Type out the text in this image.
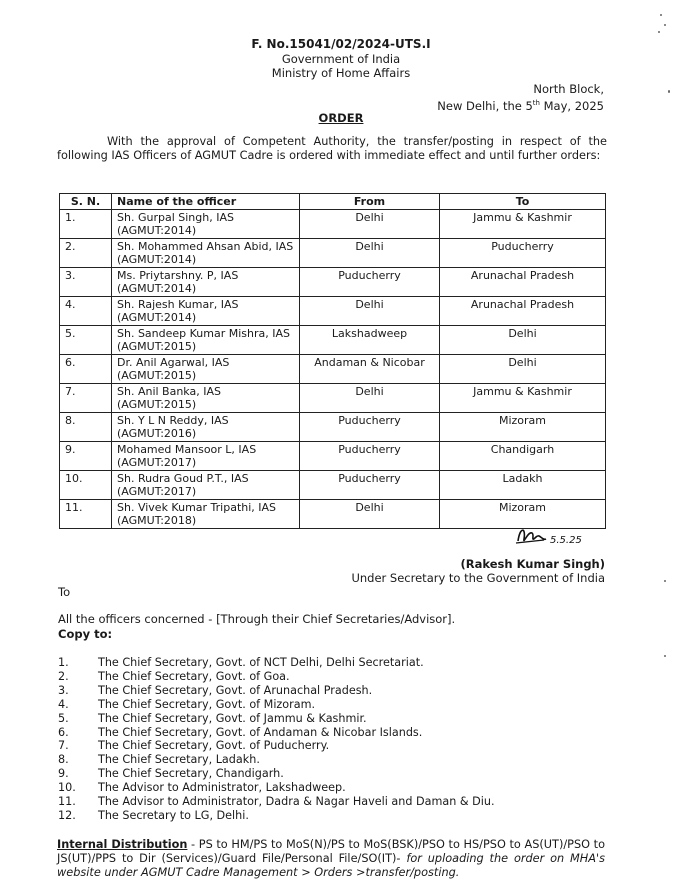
F. No.15041/02/2024-UTS.I
Government of India
Ministry of Home Affairs
North Block,
New Delhi, the 5th May, 2025
ORDER
With the approval of Competent Authority, the transfer/posting in respect of the following IAS Officers of AGMUT Cadre is ordered with immediate effect and until further orders:
S. N.	Name of the officer	From	To
1.	Sh. Gurpal Singh, IAS (AGMUT:2014)	Delhi	Jammu & Kashmir
2.	Sh. Mohammed Ahsan Abid, IAS (AGMUT:2014)	Delhi	Puducherry
3.	Ms. Priytarshny. P, IAS (AGMUT:2014)	Puducherry	Arunachal Pradesh
4.	Sh. Rajesh Kumar, IAS (AGMUT:2014)	Delhi	Arunachal Pradesh
5.	Sh. Sandeep Kumar Mishra, IAS (AGMUT:2015)	Lakshadweep	Delhi
6.	Dr. Anil Agarwal, IAS (AGMUT:2015)	Andaman & Nicobar	Delhi
7.	Sh. Anil Banka, IAS (AGMUT:2015)	Delhi	Jammu & Kashmir
8.	Sh. Y L N Reddy, IAS (AGMUT:2016)	Puducherry	Mizoram
9.	Mohamed Mansoor L, IAS (AGMUT:2017)	Puducherry	Chandigarh
10.	Sh. Rudra Goud P.T., IAS (AGMUT:2017)	Puducherry	Ladakh
11.	Sh. Vivek Kumar Tripathi, IAS (AGMUT:2018)	Delhi	Mizoram
5.5.25
(Rakesh Kumar Singh)
Under Secretary to the Government of India
To
All the officers concerned - [Through their Chief Secretaries/Advisor].
Copy to:
1.	The Chief Secretary, Govt. of NCT Delhi, Delhi Secretariat.
2.	The Chief Secretary, Govt. of Goa.
3.	The Chief Secretary, Govt. of Arunachal Pradesh.
4.	The Chief Secretary, Govt. of Mizoram.
5.	The Chief Secretary, Govt. of Jammu & Kashmir.
6.	The Chief Secretary, Govt. of Andaman & Nicobar Islands.
7.	The Chief Secretary, Govt. of Puducherry.
8.	The Chief Secretary, Ladakh.
9.	The Chief Secretary, Chandigarh.
10.	The Advisor to Administrator, Lakshadweep.
11.	The Advisor to Administrator, Dadra & Nagar Haveli and Daman & Diu.
12.	The Secretary to LG, Delhi.
Internal Distribution - PS to HM/PS to MoS(N)/PS to MoS(BSK)/PSO to HS/PSO to AS(UT)/PSO to JS(UT)/PPS to Dir (Services)/Guard File/Personal File/SO(IT)- for uploading the order on MHA's website under AGMUT Cadre Management > Orders >transfer/posting.
